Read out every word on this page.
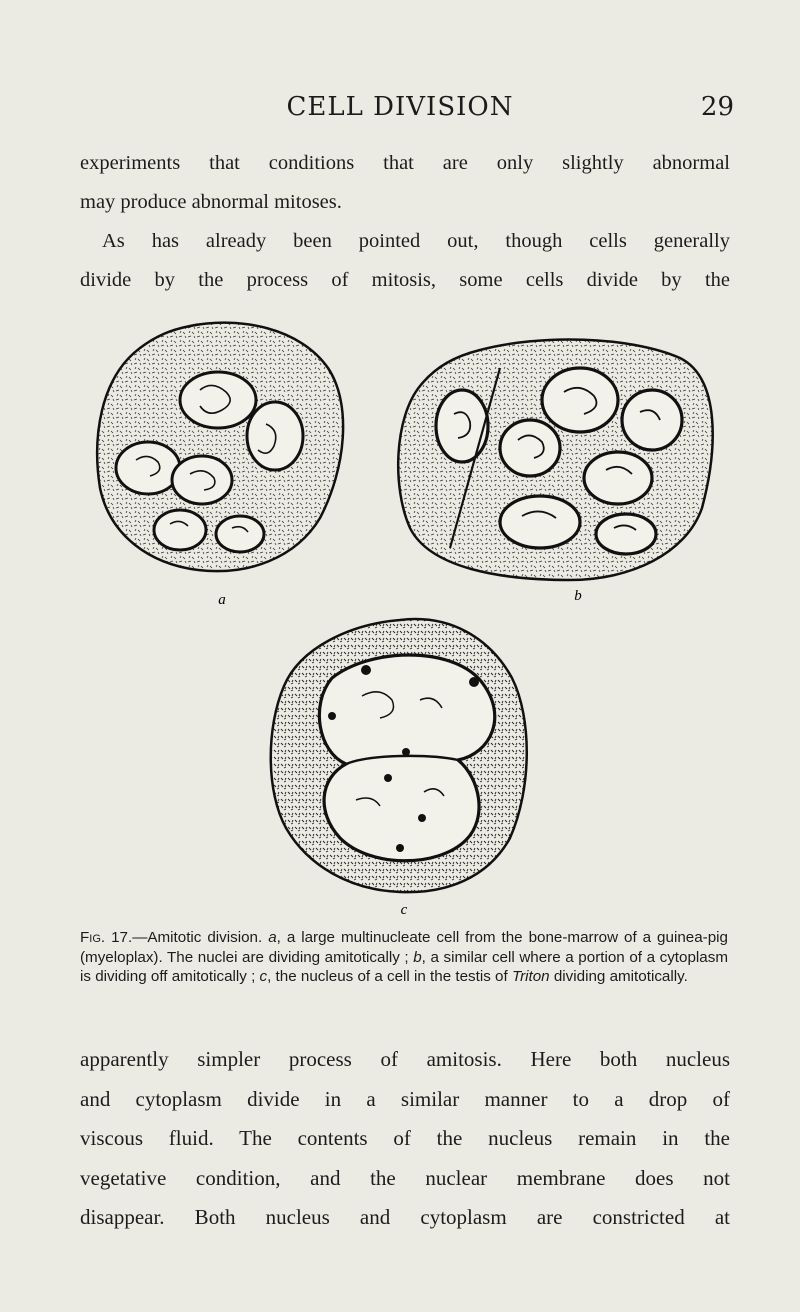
CELL DIVISION	29

experiments that conditions that are only slightly abnormal

may produce abnormal mitoses.

As has already been pointed out, though cells generally

divide by the process of mitosis, some cells divide by the

a	b
c
Fig. 17.—Amitotic division. a, a large multinucleate cell from the bone-marrow of a guinea-pig (myeloplax). The nuclei are dividing amitotically ; b, a similar cell where a portion of a cytoplasm is dividing off amitotically ; c, the nucleus of a cell in the testis of Triton dividing amitotically.

apparently simpler process of amitosis. Here both nucleus

and cytoplasm divide in a similar manner to a drop of

viscous fluid. The contents of the nucleus remain in the

vegetative condition, and the nuclear membrane does not

disappear. Both nucleus and cytoplasm are constricted at
